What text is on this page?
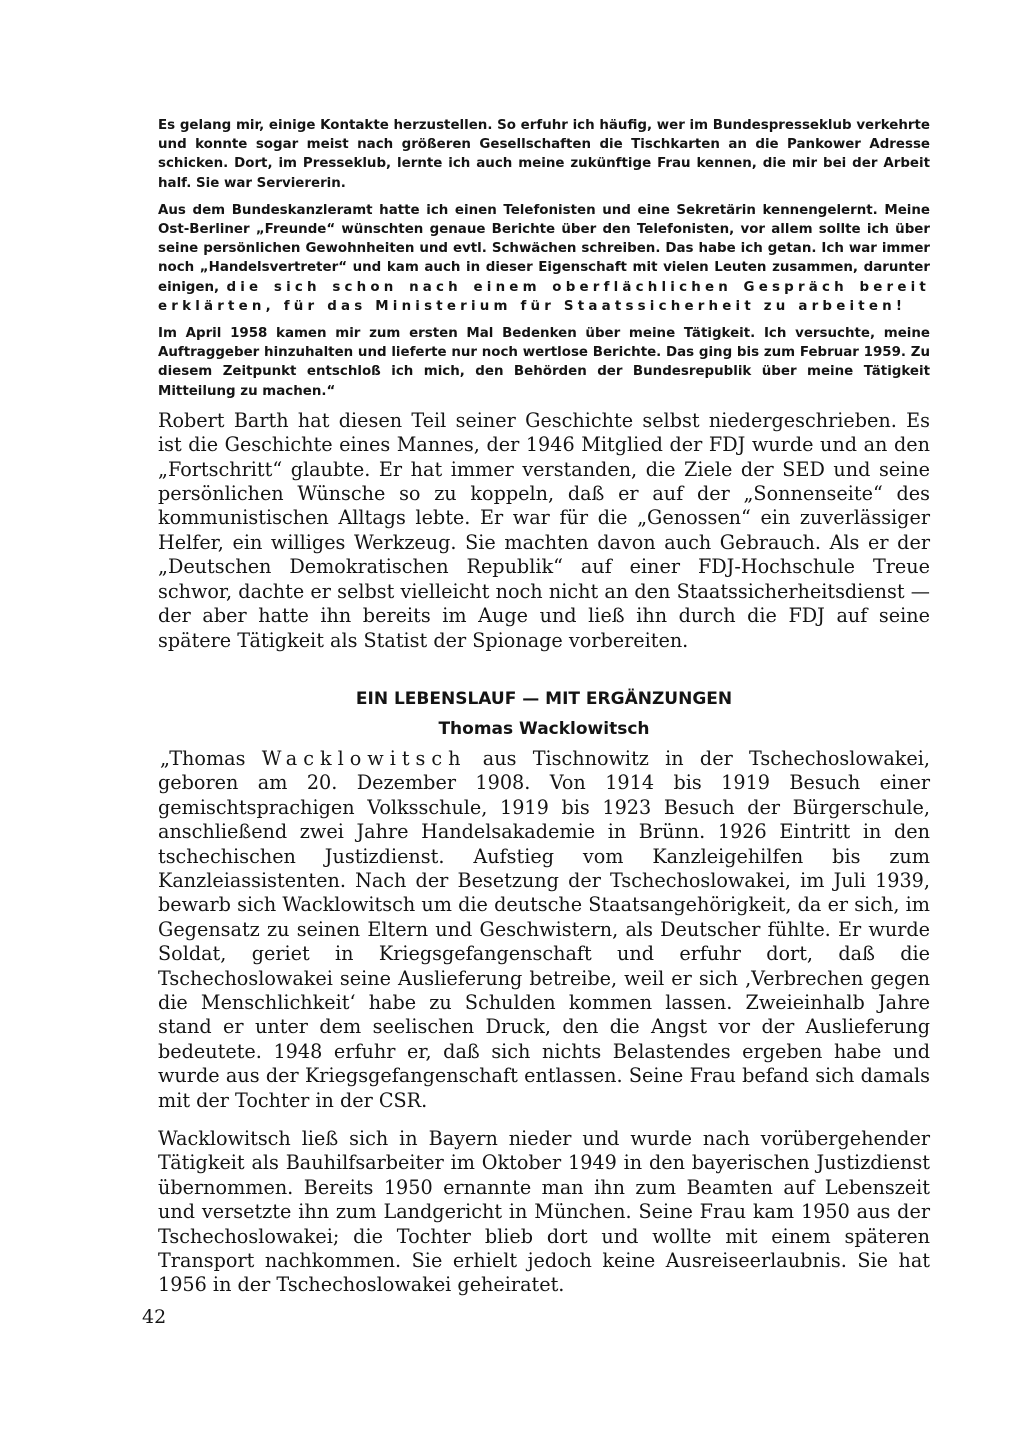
Es gelang mir, einige Kontakte herzustellen. So erfuhr ich häufig, wer im Bundespresseklub verkehrte und konnte sogar meist nach größeren Gesellschaften die Tischkarten an die Pankower Adresse schicken. Dort, im Presseklub, lernte ich auch meine zukünftige Frau kennen, die mir bei der Arbeit half. Sie war Serviererin.

Aus dem Bundeskanzleramt hatte ich einen Telefonisten und eine Sekretärin kennengelernt. Meine Ost-Berliner „Freunde“ wünschten genaue Berichte über den Telefonisten, vor allem sollte ich über seine persönlichen Gewohnheiten und evtl. Schwächen schreiben. Das habe ich getan. Ich war immer noch „Handelsvertreter“ und kam auch in dieser Eigenschaft mit vielen Leuten zusammen, darunter einigen, die sich schon nach einem oberflächlichen Gespräch bereit erklärten, für das Ministerium für Staatssicherheit zu arbeiten!

Im April 1958 kamen mir zum ersten Mal Bedenken über meine Tätigkeit. Ich versuchte, meine Auftraggeber hinzuhalten und lieferte nur noch wertlose Berichte. Das ging bis zum Februar 1959. Zu diesem Zeitpunkt entschloß ich mich, den Behörden der Bundesrepublik über meine Tätigkeit Mitteilung zu machen.“

Robert Barth hat diesen Teil seiner Geschichte selbst niedergeschrieben. Es ist die Geschichte eines Mannes, der 1946 Mitglied der FDJ wurde und an den „Fortschritt“ glaubte. Er hat immer verstanden, die Ziele der SED und seine persönlichen Wünsche so zu koppeln, daß er auf der „Sonnenseite“ des kommunistischen Alltags lebte. Er war für die „Genossen“ ein zuverlässiger Helfer, ein williges Werkzeug. Sie machten davon auch Gebrauch. Als er der „Deutschen Demokratischen Republik“ auf einer FDJ-Hochschule Treue schwor, dachte er selbst vielleicht noch nicht an den Staatssicherheitsdienst — der aber hatte ihn bereits im Auge und ließ ihn durch die FDJ auf seine spätere Tätigkeit als Statist der Spionage vorbereiten.

EIN LEBENSLAUF — MIT ERGÄNZUNGEN
Thomas Wacklowitsch

„Thomas Wacklowitsch aus Tischnowitz in der Tschechoslowakei, geboren am 20. Dezember 1908. Von 1914 bis 1919 Besuch einer gemischtsprachigen Volksschule, 1919 bis 1923 Besuch der Bürgerschule, anschließend zwei Jahre Handelsakademie in Brünn. 1926 Eintritt in den tschechischen Justizdienst. Aufstieg vom Kanzleigehilfen bis zum Kanzleiassistenten. Nach der Besetzung der Tschechoslowakei, im Juli 1939, bewarb sich Wacklowitsch um die deutsche Staatsangehörigkeit, da er sich, im Gegensatz zu seinen Eltern und Geschwistern, als Deutscher fühlte. Er wurde Soldat, geriet in Kriegsgefangenschaft und erfuhr dort, daß die Tschechoslowakei seine Auslieferung betreibe, weil er sich ‚Verbrechen gegen die Menschlichkeit‘ habe zu Schulden kommen lassen. Zweieinhalb Jahre stand er unter dem seelischen Druck, den die Angst vor der Auslieferung bedeutete. 1948 erfuhr er, daß sich nichts Belastendes ergeben habe und wurde aus der Kriegsgefangenschaft entlassen. Seine Frau befand sich damals mit der Tochter in der CSR.

Wacklowitsch ließ sich in Bayern nieder und wurde nach vorübergehender Tätigkeit als Bauhilfsarbeiter im Oktober 1949 in den bayerischen Justizdienst übernommen. Bereits 1950 ernannte man ihn zum Beamten auf Lebenszeit und versetzte ihn zum Landgericht in München. Seine Frau kam 1950 aus der Tschechoslowakei; die Tochter blieb dort und wollte mit einem späteren Transport nachkommen. Sie erhielt jedoch keine Ausreiseerlaubnis. Sie hat 1956 in der Tschechoslowakei geheiratet.

42
